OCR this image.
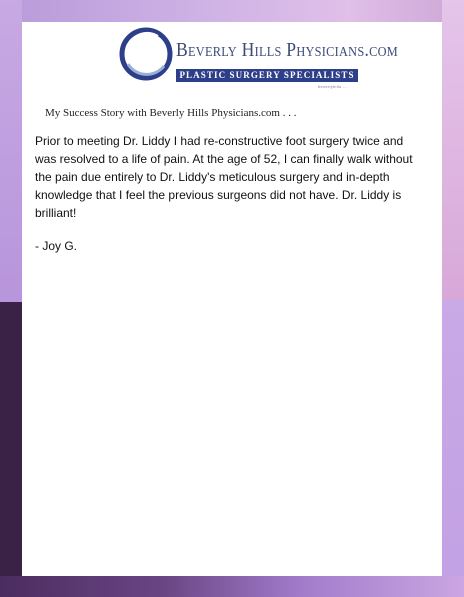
Beverly Hills Physicians.com
PLASTIC SURGERY SPECIALISTS
beverlyhills ...
My Success Story with Beverly Hills Physicians.com . . .
Prior to meeting Dr. Liddy I had re-constructive foot surgery twice and
was resolved to a life of pain. At the age of 52, I can finally walk without
the pain due entirely to Dr. Liddy's meticulous surgery and in-depth
knowledge that I feel the previous surgeons did not have. Dr. Liddy is
brilliant!
- Joy G.
